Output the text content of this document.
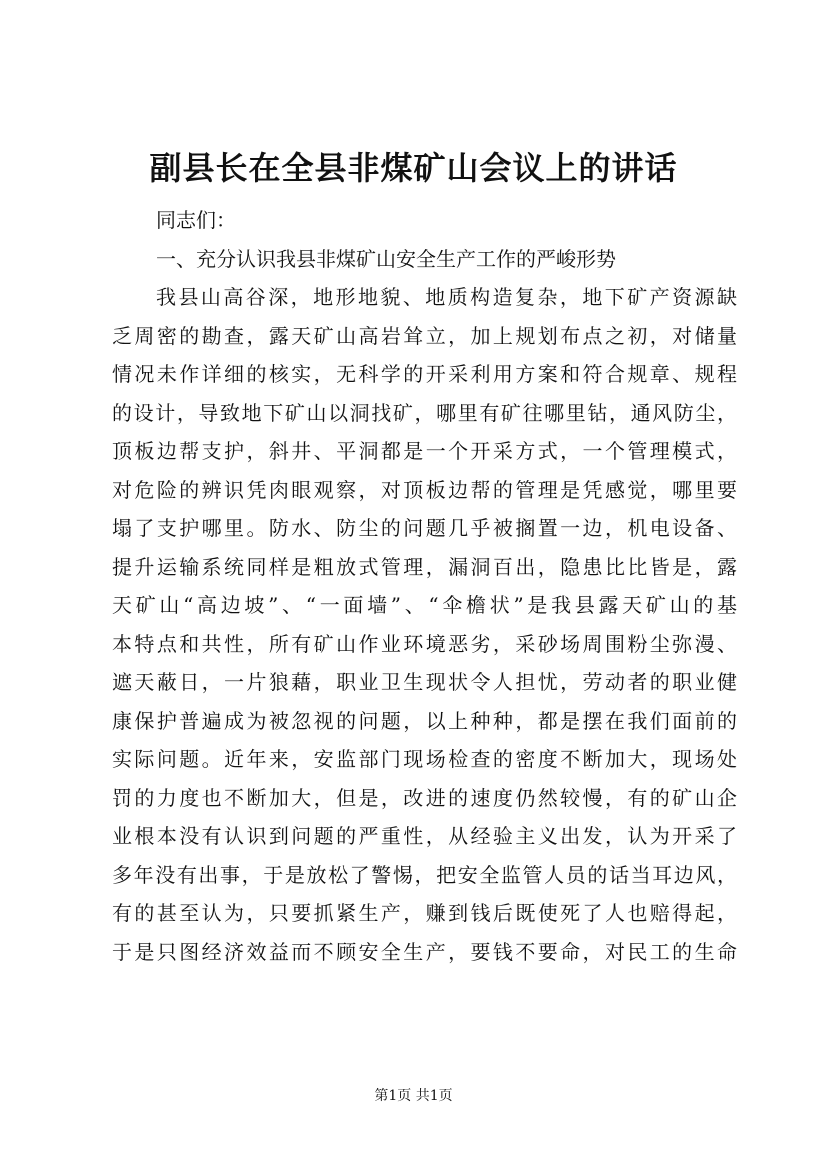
副县长在全县非煤矿山会议上的讲话
同志们：
一、充分认识我县非煤矿山安全生产工作的严峻形势
我县山高谷深，地形地貌、地质构造复杂，地下矿产资源缺
乏周密的勘查，露天矿山高岩耸立，加上规划布点之初，对储量
情况未作详细的核实，无科学的开采利用方案和符合规章、规程
的设计，导致地下矿山以洞找矿，哪里有矿往哪里钻，通风防尘，
顶板边帮支护，斜井、平洞都是一个开采方式，一个管理模式，
对危险的辨识凭肉眼观察，对顶板边帮的管理是凭感觉，哪里要
塌了支护哪里。防水、防尘的问题几乎被搁置一边，机电设备、
提升运输系统同样是粗放式管理，漏洞百出，隐患比比皆是，露
天矿山“高边坡”、“一面墙”、“伞檐状”是我县露天矿山的基
本特点和共性，所有矿山作业环境恶劣，采砂场周围粉尘弥漫、
遮天蔽日，一片狼藉，职业卫生现状令人担忧，劳动者的职业健
康保护普遍成为被忽视的问题，以上种种，都是摆在我们面前的
实际问题。近年来，安监部门现场检查的密度不断加大，现场处
罚的力度也不断加大，但是，改进的速度仍然较慢，有的矿山企
业根本没有认识到问题的严重性，从经验主义出发，认为开采了
多年没有出事，于是放松了警惕，把安全监管人员的话当耳边风，
有的甚至认为，只要抓紧生产，赚到钱后既使死了人也赔得起，
于是只图经济效益而不顾安全生产，要钱不要命，对民工的生命
第1页 共1页
